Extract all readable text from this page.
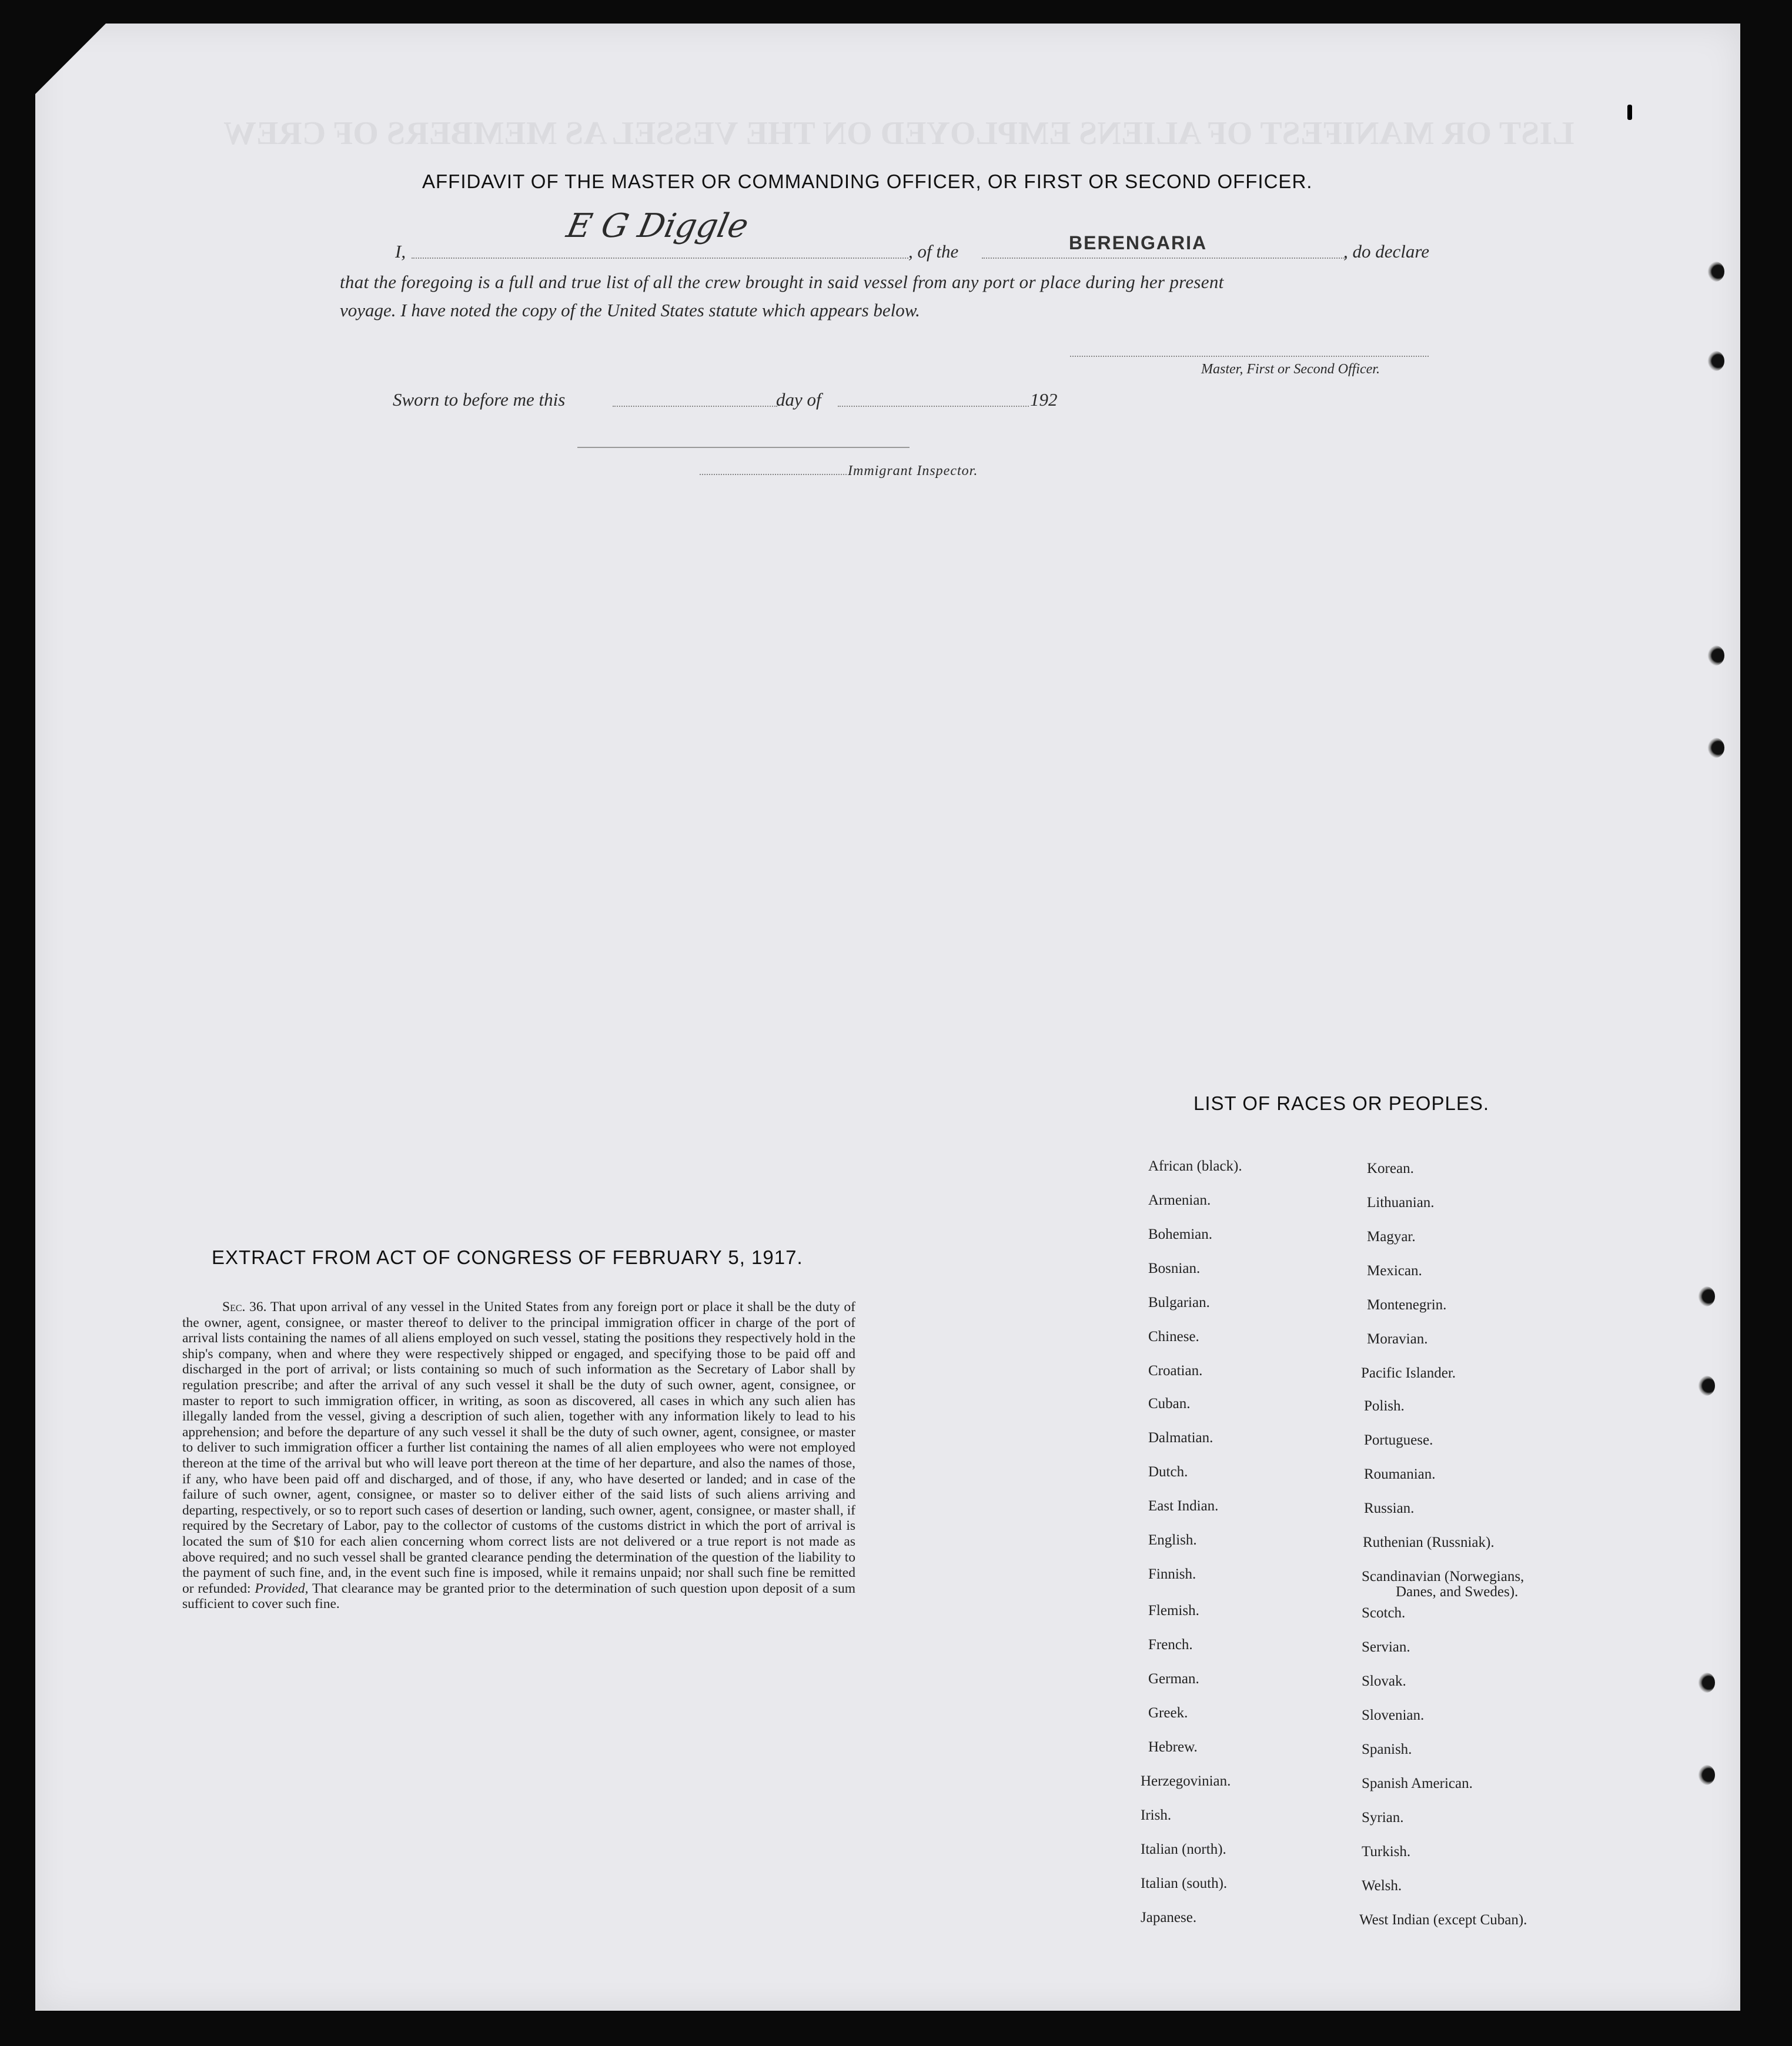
LIST OR MANIFEST OF ALIENS EMPLOYED ON THE VESSEL AS MEMBERS OF CREW
AFFIDAVIT OF THE MASTER OR COMMANDING OFFICER, OR FIRST OR SECOND OFFICER.
I,
E G Diggle
, of the	BERENGARIA	, do declare
that the foregoing is a full and true list of all the crew brought in said vessel from any port or place during her present
voyage. I have noted the copy of the United States statute which appears below.
Master, First or Second Officer.
Sworn to before me this	day of	192
Immigrant Inspector.
EXTRACT FROM ACT OF CONGRESS OF FEBRUARY 5, 1917.
Sec. 36. That upon arrival of any vessel in the United States from any foreign port or place it shall be the duty of the owner, agent, consignee, or master thereof to deliver to the principal immigration officer in charge of the port of arrival lists containing the names of all aliens employed on such vessel, stating the positions they respectively hold in the ship's company, when and where they were respectively shipped or engaged, and specifying those to be paid off and discharged in the port of arrival; or lists containing so much of such information as the Secretary of Labor shall by regulation prescribe; and after the arrival of any such vessel it shall be the duty of such owner, agent, consignee, or master to report to such immigration officer, in writing, as soon as discovered, all cases in which any such alien has illegally landed from the vessel, giving a description of such alien, together with any information likely to lead to his apprehension; and before the departure of any such vessel it shall be the duty of such owner, agent, consignee, or master to deliver to such immigration officer a further list containing the names of all alien employees who were not employed thereon at the time of the arrival but who will leave port thereon at the time of her departure, and also the names of those, if any, who have been paid off and discharged, and of those, if any, who have deserted or landed; and in case of the failure of such owner, agent, consignee, or master so to deliver either of the said lists of such aliens arriving and departing, respectively, or so to report such cases of desertion or landing, such owner, agent, consignee, or master shall, if required by the Secretary of Labor, pay to the collector of customs of the customs district in which the port of arrival is located the sum of $10 for each alien concerning whom correct lists are not delivered or a true report is not made as above required; and no such vessel shall be granted clearance pending the determination of the question of the liability to the payment of such fine, and, in the event such fine is imposed, while it remains unpaid; nor shall such fine be remitted or refunded: Provided, That clearance may be granted prior to the determination of such question upon deposit of a sum sufficient to cover such fine.
LIST OF RACES OR PEOPLES.
African (black).
Armenian.
Bohemian.
Bosnian.
Bulgarian.
Chinese.
Croatian.
Cuban.
Dalmatian.
Dutch.
East Indian.
English.
Finnish.
Flemish.
French.
German.
Greek.
Hebrew.
Herzegovinian.
Irish.
Italian (north).
Italian (south).
Japanese.
Korean.
Lithuanian.
Magyar.
Mexican.
Montenegrin.
Moravian.
Pacific Islander.
Polish.
Portuguese.
Roumanian.
Russian.
Ruthenian (Russniak).
Scandinavian (Norwegians,
Danes, and Swedes).
Scotch.
Servian.
Slovak.
Slovenian.
Spanish.
Spanish American.
Syrian.
Turkish.
Welsh.
West Indian (except Cuban).
